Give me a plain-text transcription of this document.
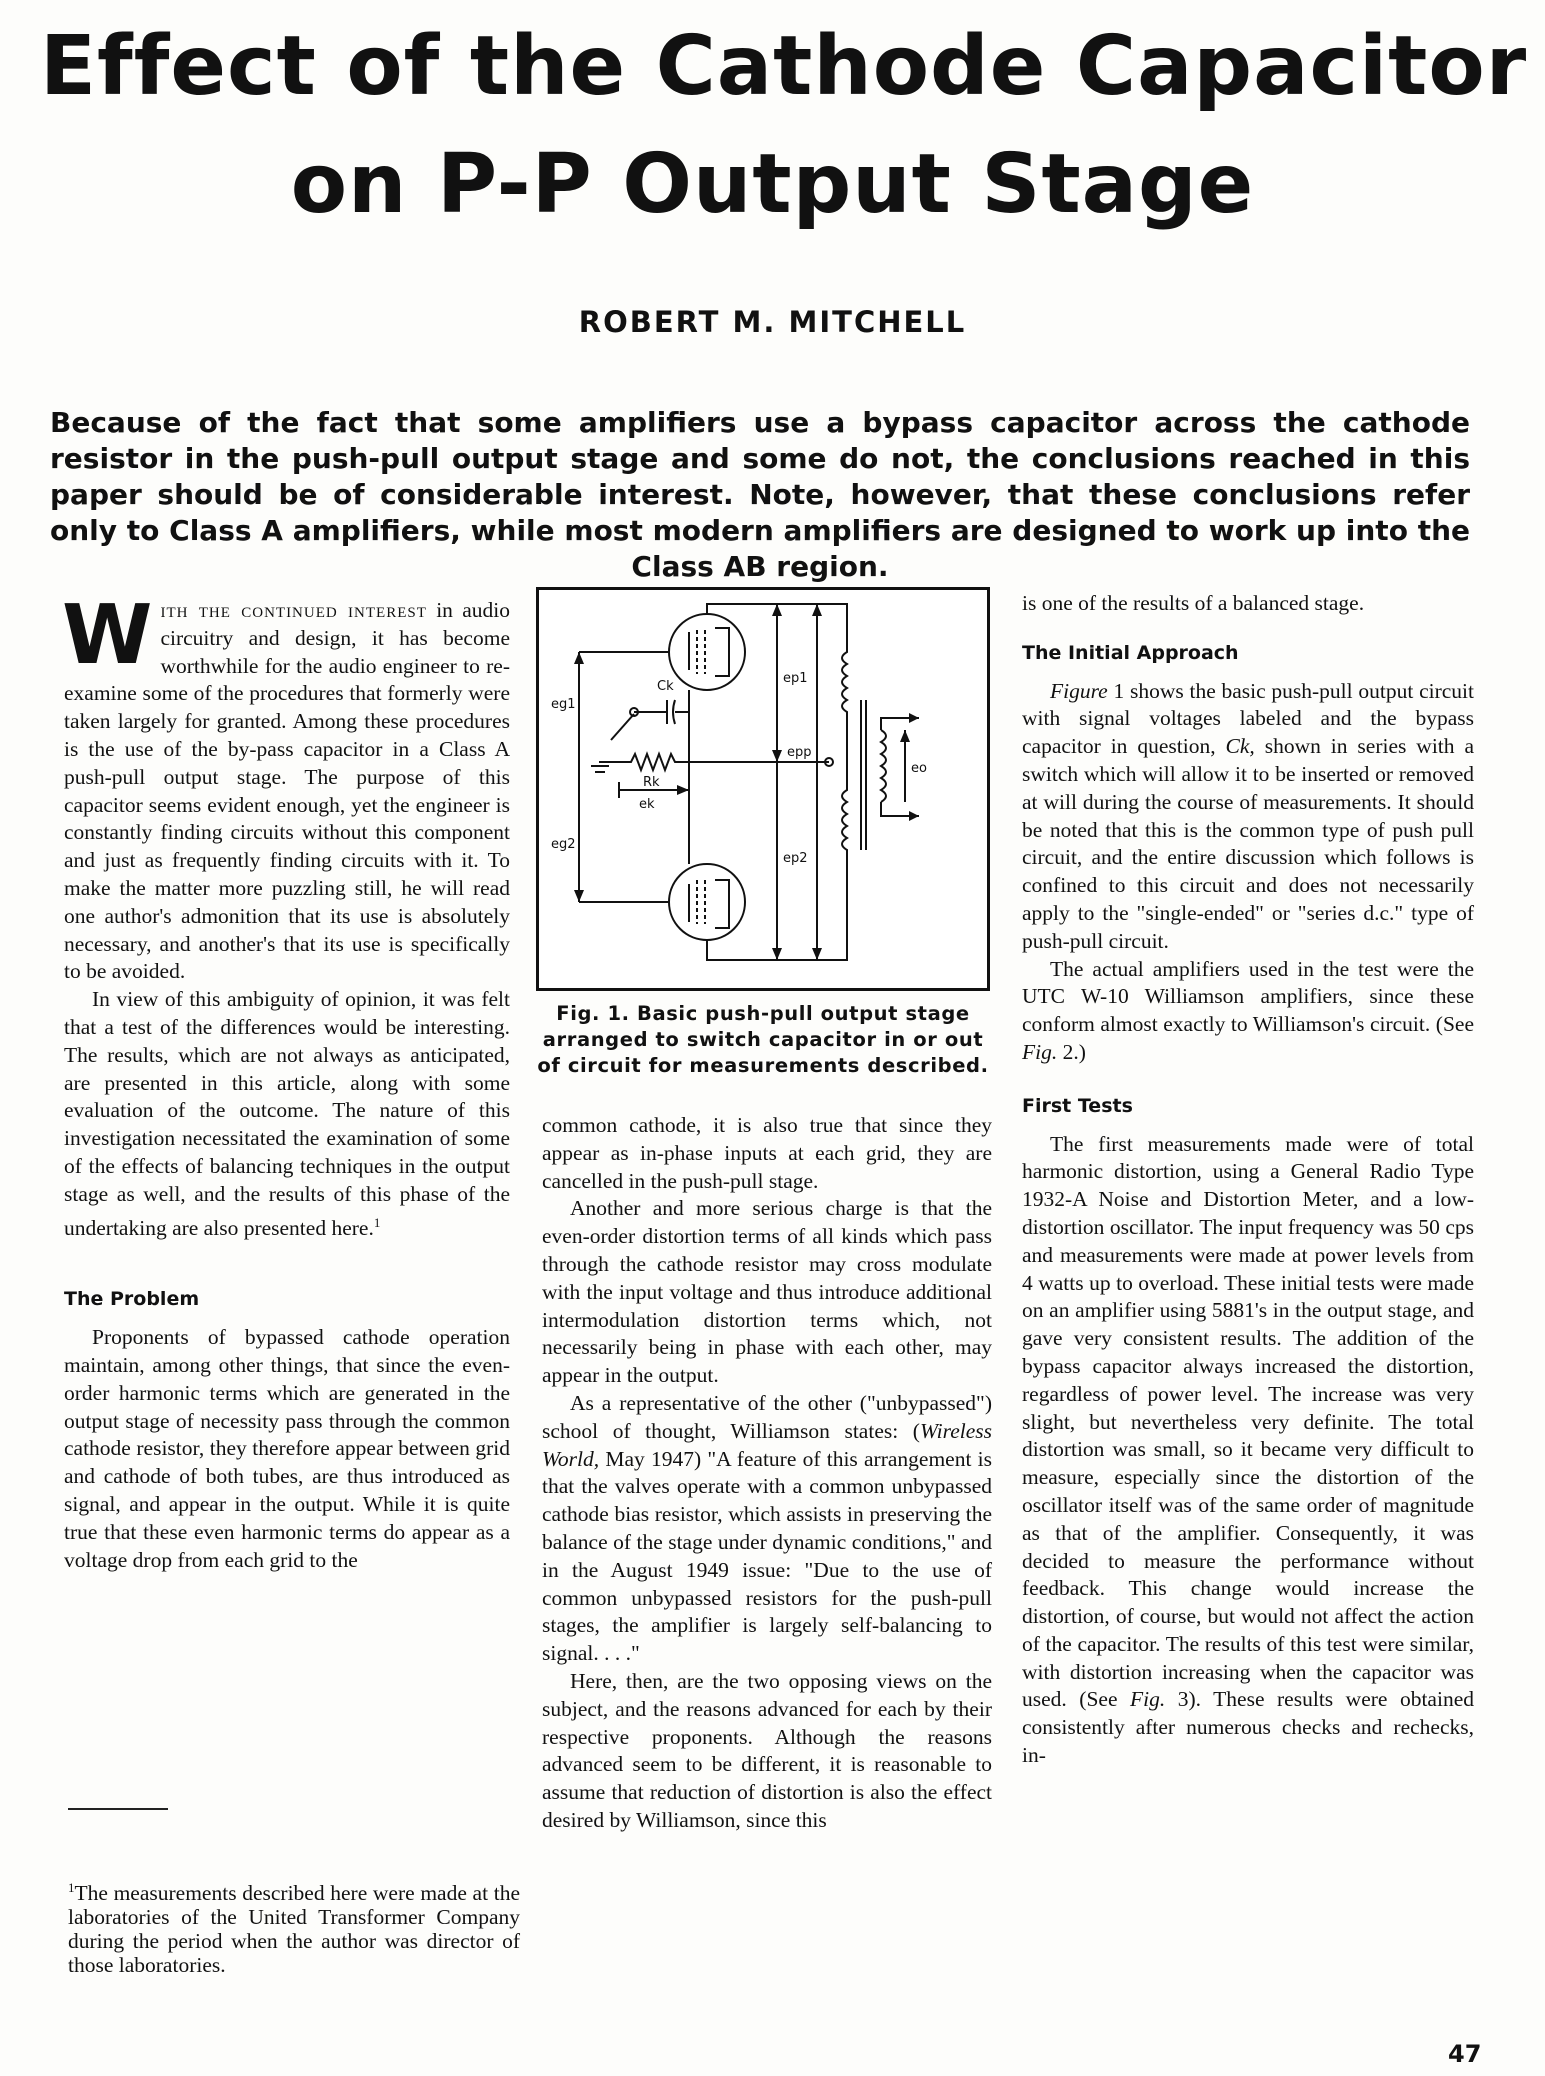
Effect of the Cathode Capacitor
on P-P Output Stage
ROBERT M. MITCHELL
Because of the fact that some amplifiers use a bypass capacitor across the cathode resistor in the push-pull output stage and some do not, the conclusions reached in this paper should be of considerable interest. Note, however, that these conclusions refer only to Class A amplifiers, while most modern amplifiers are designed to work up into the Class AB region.

With the continued interest in audio circuitry and design, it has become worthwhile for the audio engineer to re-examine some of the procedures that formerly were taken largely for granted. Among these procedures is the use of the by-pass capacitor in a Class A push-pull output stage. The purpose of this capacitor seems evident enough, yet the engineer is constantly finding circuits without this component and just as frequently finding circuits with it. To make the matter more puzzling still, he will read one author's admonition that its use is absolutely necessary, and another's that its use is specifically to be avoided.

In view of this ambiguity of opinion, it was felt that a test of the differences would be interesting. The results, which are not always as anticipated, are presented in this article, along with some evaluation of the outcome. The nature of this investigation necessitated the examination of some of the effects of balancing techniques in the output stage as well, and the results of this phase of the undertaking are also presented here.$^1$

The Problem

Proponents of bypassed cathode operation maintain, among other things, that since the even-order harmonic terms which are generated in the output stage of necessity pass through the common cathode resistor, they therefore appear between grid and cathode of both tubes, are thus introduced as signal, and appear in the output. While it is quite true that these even harmonic terms do appear as a voltage drop from each grid to the

$^1$The measurements described here were made at the laboratories of the United Transformer Company during the period when the author was director of those laboratories.
eg1
eg2
Ck
Rk
ek
ep1
ep2
epp
eo
Fig. 1. Basic push-pull output stage arranged to switch capacitor in or out of circuit for measurements described.

common cathode, it is also true that since they appear as in-phase inputs at each grid, they are cancelled in the push-pull stage.

Another and more serious charge is that the even-order distortion terms of all kinds which pass through the cathode resistor may cross modulate with the input voltage and thus introduce additional intermodulation distortion terms which, not necessarily being in phase with each other, may appear in the output.

As a representative of the other ("unbypassed") school of thought, Williamson states: (Wireless World, May 1947) "A feature of this arrangement is that the valves operate with a common unbypassed cathode bias resistor, which assists in preserving the balance of the stage under dynamic conditions," and in the August 1949 issue: "Due to the use of common unbypassed resistors for the push-pull stages, the amplifier is largely self-balancing to signal. . . ."

Here, then, are the two opposing views on the subject, and the reasons advanced for each by their respective proponents. Although the reasons advanced seem to be different, it is reasonable to assume that reduction of distortion is also the effect desired by Williamson, since this

is one of the results of a balanced stage.

The Initial Approach

Figure 1 shows the basic push-pull output circuit with signal voltages labeled and the bypass capacitor in question, Ck, shown in series with a switch which will allow it to be inserted or removed at will during the course of measurements. It should be noted that this is the common type of push pull circuit, and the entire discussion which follows is confined to this circuit and does not necessarily apply to the "single-ended" or "series d.c." type of push-pull circuit.

The actual amplifiers used in the test were the UTC W-10 Williamson amplifiers, since these conform almost exactly to Williamson's circuit. (See Fig. 2.)

First Tests

The first measurements made were of total harmonic distortion, using a General Radio Type 1932-A Noise and Distortion Meter, and a low-distortion oscillator. The input frequency was 50 cps and measurements were made at power levels from 4 watts up to overload. These initial tests were made on an amplifier using 5881's in the output stage, and gave very consistent results. The addition of the bypass capacitor always increased the distortion, regardless of power level. The increase was very slight, but nevertheless very definite. The total distortion was small, so it became very difficult to measure, especially since the distortion of the oscillator itself was of the same order of magnitude as that of the amplifier. Consequently, it was decided to measure the performance without feedback. This change would increase the distortion, of course, but would not affect the action of the capacitor. The results of this test were similar, with distortion increasing when the capacitor was used. (See Fig. 3). These results were obtained consistently after numerous checks and rechecks, in-

47
